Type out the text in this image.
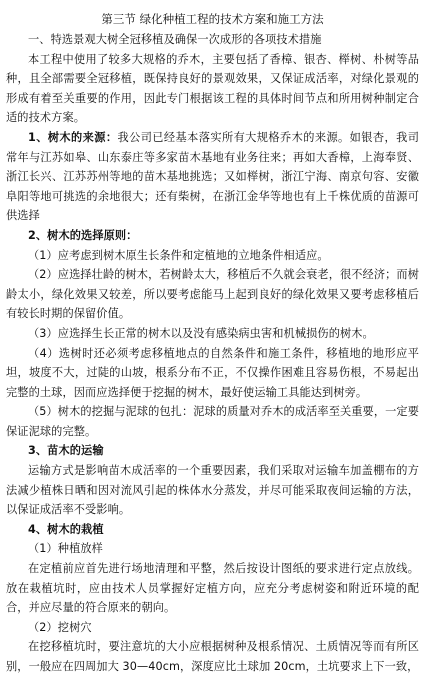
第三节 绿化种植工程的技术方案和施工方法

一、特选景观大树全冠移植及确保一次成形的各项技术措施

本工程中使用了较多大规格的乔木，主要包括了香樟、银杏、榉树、朴树等品种，且全部需要全冠移植，既保持良好的景观效果，又保证成活率，对绿化景观的形成有着至关重要的作用，因此专门根据该工程的具体时间节点和所用树种制定合适的技术方案。

1、树木的来源：我公司已经基本落实所有大规格乔木的来源。如银杏，我司常年与江苏如皋、山东泰庄等多家苗木基地有业务往来；再如大香樟，上海奉贤、浙江长兴、江苏苏州等地的苗木基地挑选；又如榉树，浙江宁海、南京句容、安徽阜阳等地可挑选的余地很大；还有柴树，在浙江金华等地也有上千株优质的苗源可供选择

2、树木的选择原则：

（1）应考虑到树木原生长条件和定植地的立地条件相适应。

（2）应选择壮龄的树木，若树龄太大，移植后不久就会衰老，很不经济；而树龄太小，绿化效果又较差，所以要考虑能马上起到良好的绿化效果又要考虑移植后有较长时期的保留价值。

（3）应选择生长正常的树木以及没有感染病虫害和机械损伤的树木。

（4）选树时还必须考虑移植地点的自然条件和施工条件，移植地的地形应平坦，坡度不大，过陡的山坡，根系分布不正，不仅操作困难且容易伤根，不易起出完整的土球，因而应选择便于挖掘的树木，最好使运输工具能达到树旁。

（5）树木的挖掘与泥球的包扎：泥球的质量对乔木的成活率至关重要，一定要保证泥球的完整。

3、苗木的运输

运输方式是影响苗木成活率的一个重要因素，我们采取对运输车加盖棚布的方法减少植株日晒和因对流风引起的株体水分蒸发，并尽可能采取夜间运输的方法，以保证成活率不受影响。

4、树木的栽植

（1）种植放样

在定植前应首先进行场地清理和平整，然后按设计图纸的要求进行定点放线。放在栽植坑时，应由技术人员掌握好定植方向，应充分考虑树姿和附近环境的配合，并应尽量的符合原来的朝向。

（2）挖树穴

在挖移植坑时，要注意坑的大小应根据树种及根系情况、土质情况等而有所区别，一般应在四周加大 30—40cm，深度应比土球加 20cm，土坑要求上下一致，
